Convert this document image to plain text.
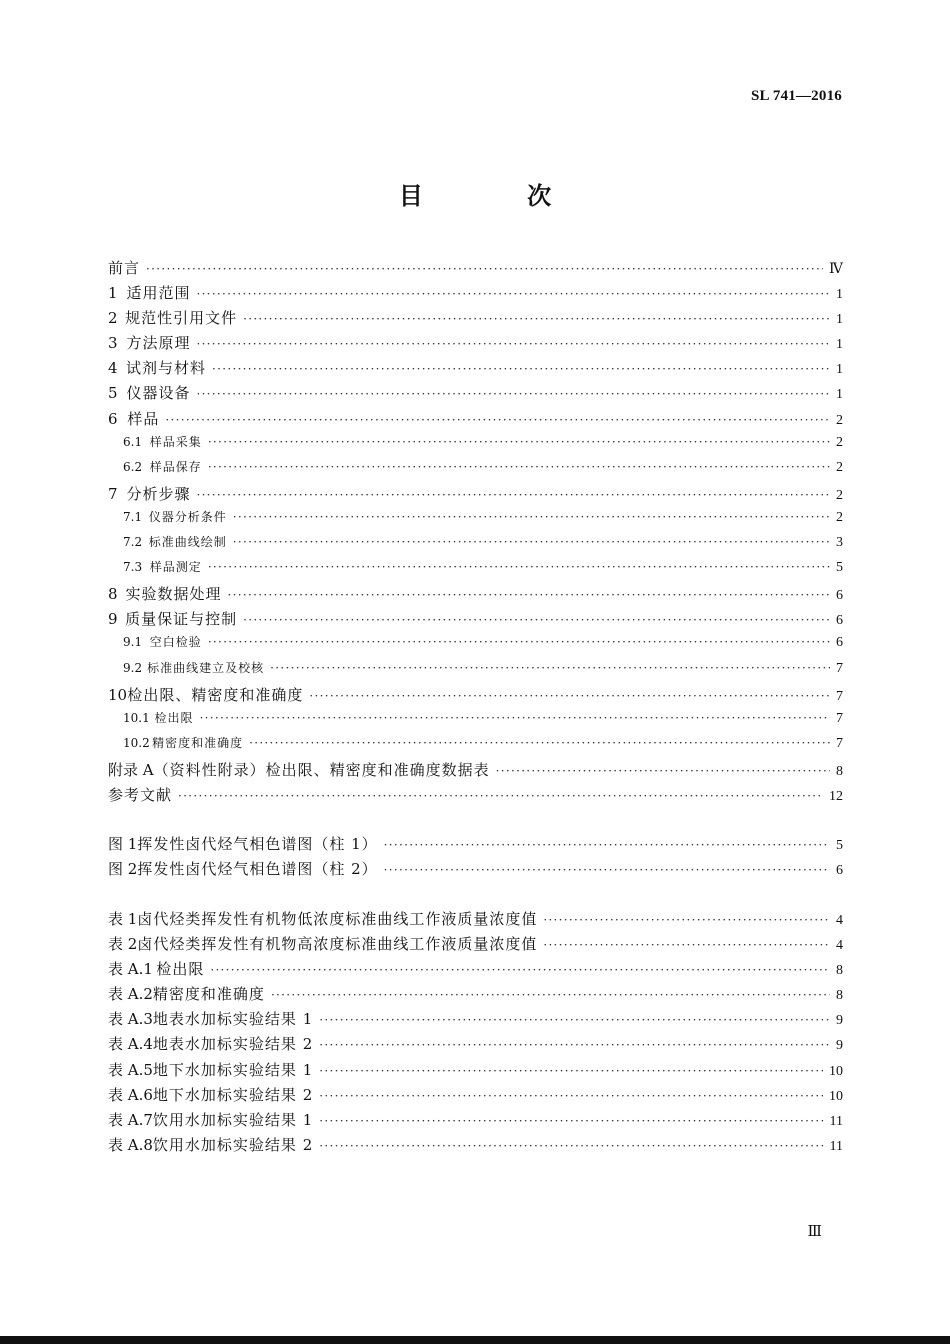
SL 741—2016
目 次
前言 ·····	Ⅳ
1 适用范围 ·····	1
2 规范性引用文件 ·····	1
3 方法原理 ·····	1
4 试剂与材料 ·····	1
5 仪器设备 ·····	1
6 样品 ·····	2
6.1 样品采集 ·····	2
6.2 样品保存 ·····	2
7 分析步骤 ·····	2
7.1 仪器分析条件 ·····	2
7.2 标准曲线绘制 ·····	3
7.3 样品测定 ·····	5
8 实验数据处理 ·····	6
9 质量保证与控制 ·····	6
9.1 空白检验 ·····	6
9.2 标准曲线建立及校核 ·····	7
10 检出限、精密度和准确度 ·····	7
10.1 检出限 ·····	7
10.2 精密度和准确度 ·····	7
附录 A （资料性附录）检出限、精密度和准确度数据表 ·····	8
参考文献 ·····	12
图 1 挥发性卤代烃气相色谱图（柱 1） ·····	5
图 2 挥发性卤代烃气相色谱图（柱 2） ·····	6
表 1 卤代烃类挥发性有机物低浓度标准曲线工作液质量浓度值 ·····	4
表 2 卤代烃类挥发性有机物高浓度标准曲线工作液质量浓度值 ·····	4
表 A.1 检出限 ·····	8
表 A.2 精密度和准确度 ·····	8
表 A.3 地表水加标实验结果 1 ·····	9
表 A.4 地表水加标实验结果 2 ·····	9
表 A.5 地下水加标实验结果 1 ·····	10
表 A.6 地下水加标实验结果 2 ·····	10
表 A.7 饮用水加标实验结果 1 ·····	11
表 A.8 饮用水加标实验结果 2 ·····	11
Ⅲ
